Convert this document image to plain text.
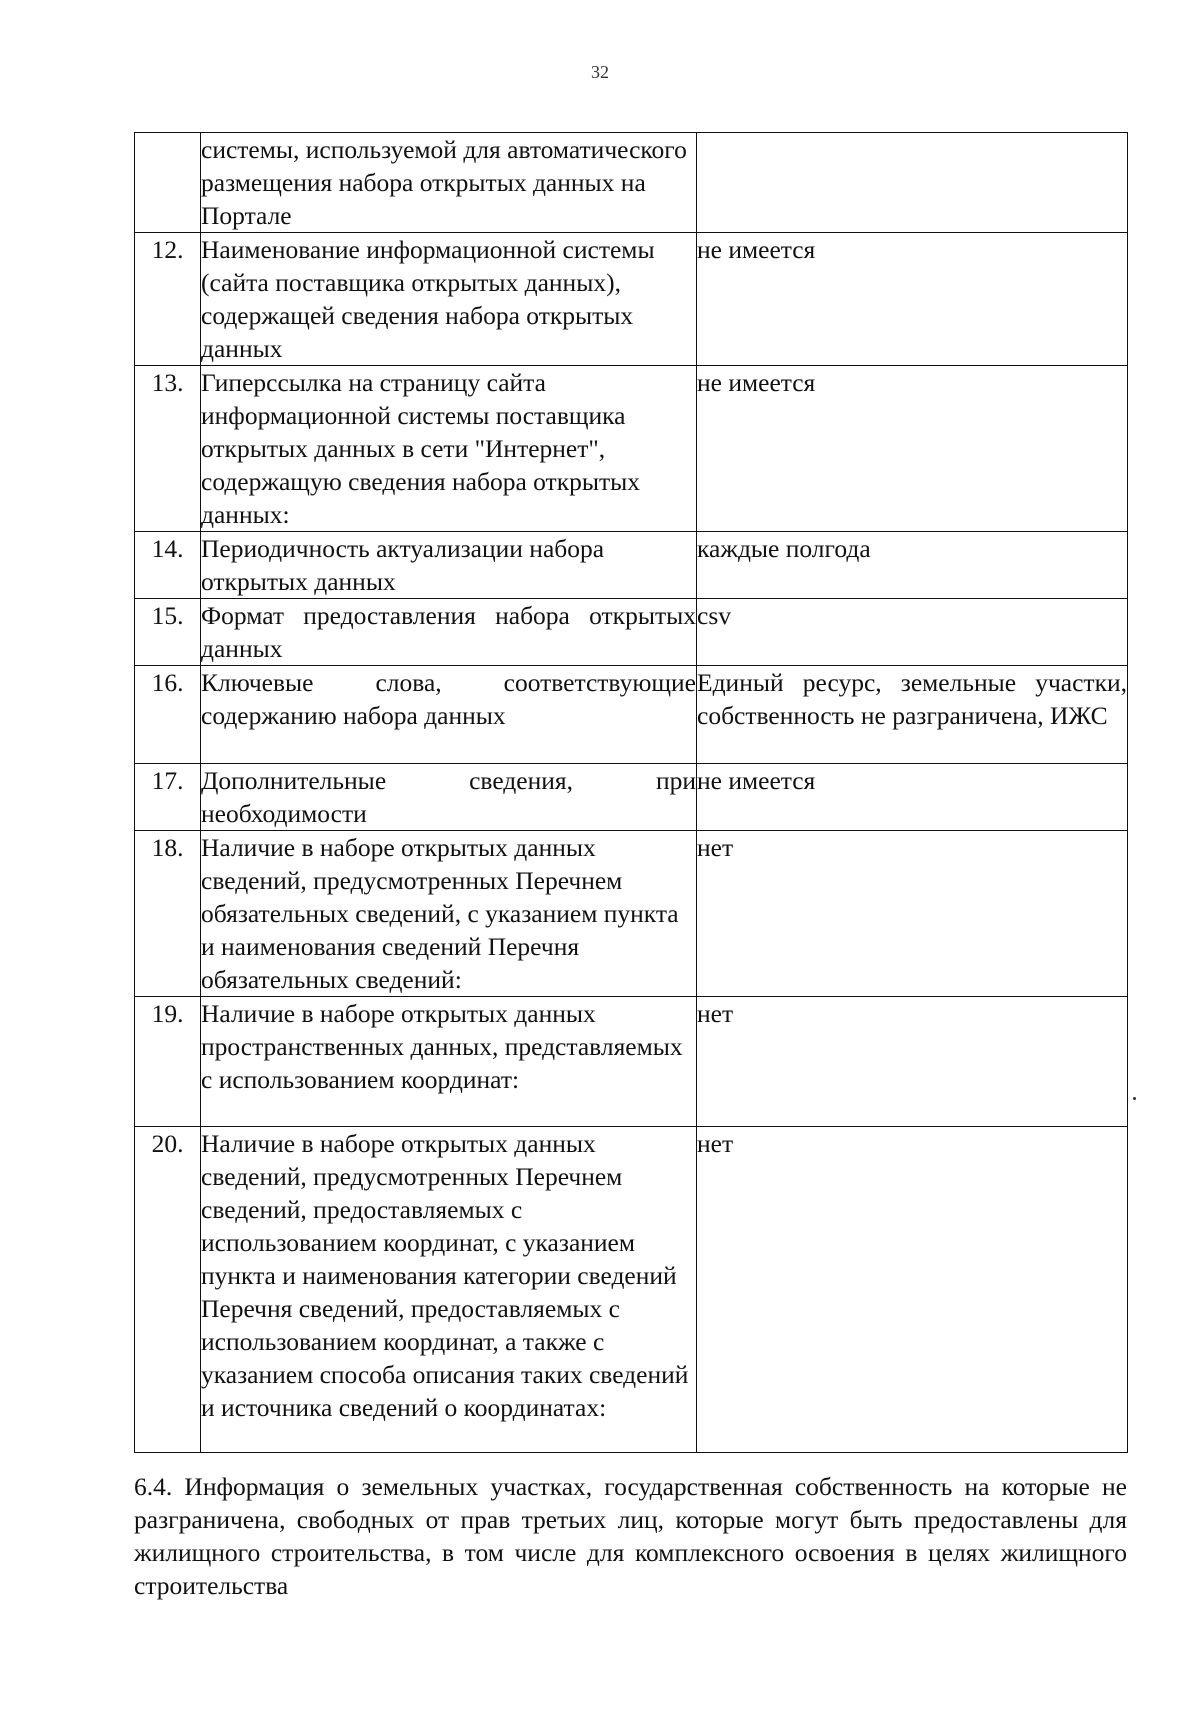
32
	системы, используемой для автоматического размещения набора открытых данных на Портале	
12.	Наименование информационной системы (сайта поставщика открытых данных), содержащей сведения набора открытых данных	не имеется
13.	Гиперссылка на страницу сайта информационной системы поставщика открытых данных в сети "Интернет", содержащую сведения набора открытых данных:	не имеется
14.	Периодичность актуализации набора открытых данных	каждые полгода
15.	Формат предоставления набора открытых данных	csv
16.	Ключевые слова, соответствующие содержанию набора данных	Единый ресурс, земельные участки, собственность не разграничена, ИЖС
17.	Дополнительные сведения, при необходимости	не имеется
18.	Наличие в наборе открытых данных сведений, предусмотренных Перечнем обязательных сведений, с указанием пункта и наименования сведений Перечня обязательных сведений:	нет
19.	Наличие в наборе открытых данных пространственных данных, представляемых с использованием координат:	нет
20.	Наличие в наборе открытых данных сведений, предусмотренных Перечнем сведений, предоставляемых с использованием координат, с указанием пункта и наименования категории сведений Перечня сведений, предоставляемых с использованием координат, а также с указанием способа описания таких сведений и источника сведений о координатах:	нет
6.4. Информация о земельных участках, государственная собственность на которые не разграничена, свободных от прав третьих лиц, которые могут быть предоставлены для жилищного строительства, в том числе для комплексного освоения в целях жилищного строительства
